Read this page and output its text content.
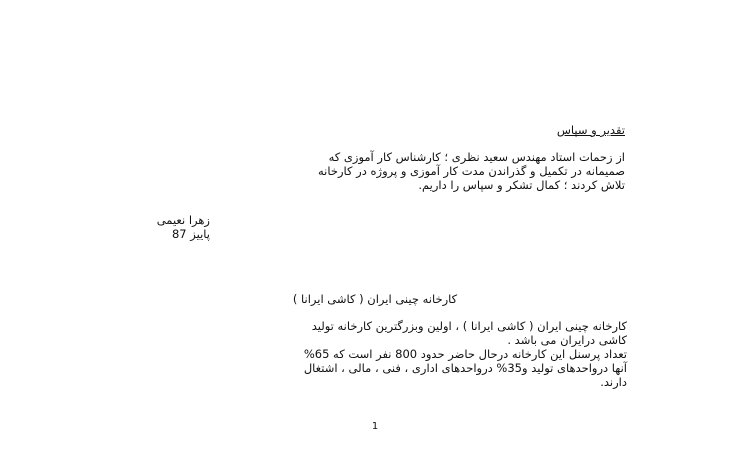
تقدیر و سپاس
از زحمات استاد مهندس سعید نظری ؛ کارشناس کار آموزی که
صمیمانه در تکمیل و گذراندن مدت کار آموزی و پروژه در کارخانه
تلاش کردند ؛ کمال تشکر و سپاس را داریم.
زهرا نعیمی
پاییز 87
کارخانه چینی ایران ( کاشی ایرانا )
کارخانه چینی ایران ( کاشی ایرانا ) ، اولین وبزرگترین کارخانه تولید
کاشی درایران می باشد .
تعداد پرسنل این کارخانه درحال حاضر حدود 800 نفر است که 65%
آنها درواحدهای تولید و35% درواحدهای اداری ، فنی ، مالی ، اشتغال
دارند.
1
